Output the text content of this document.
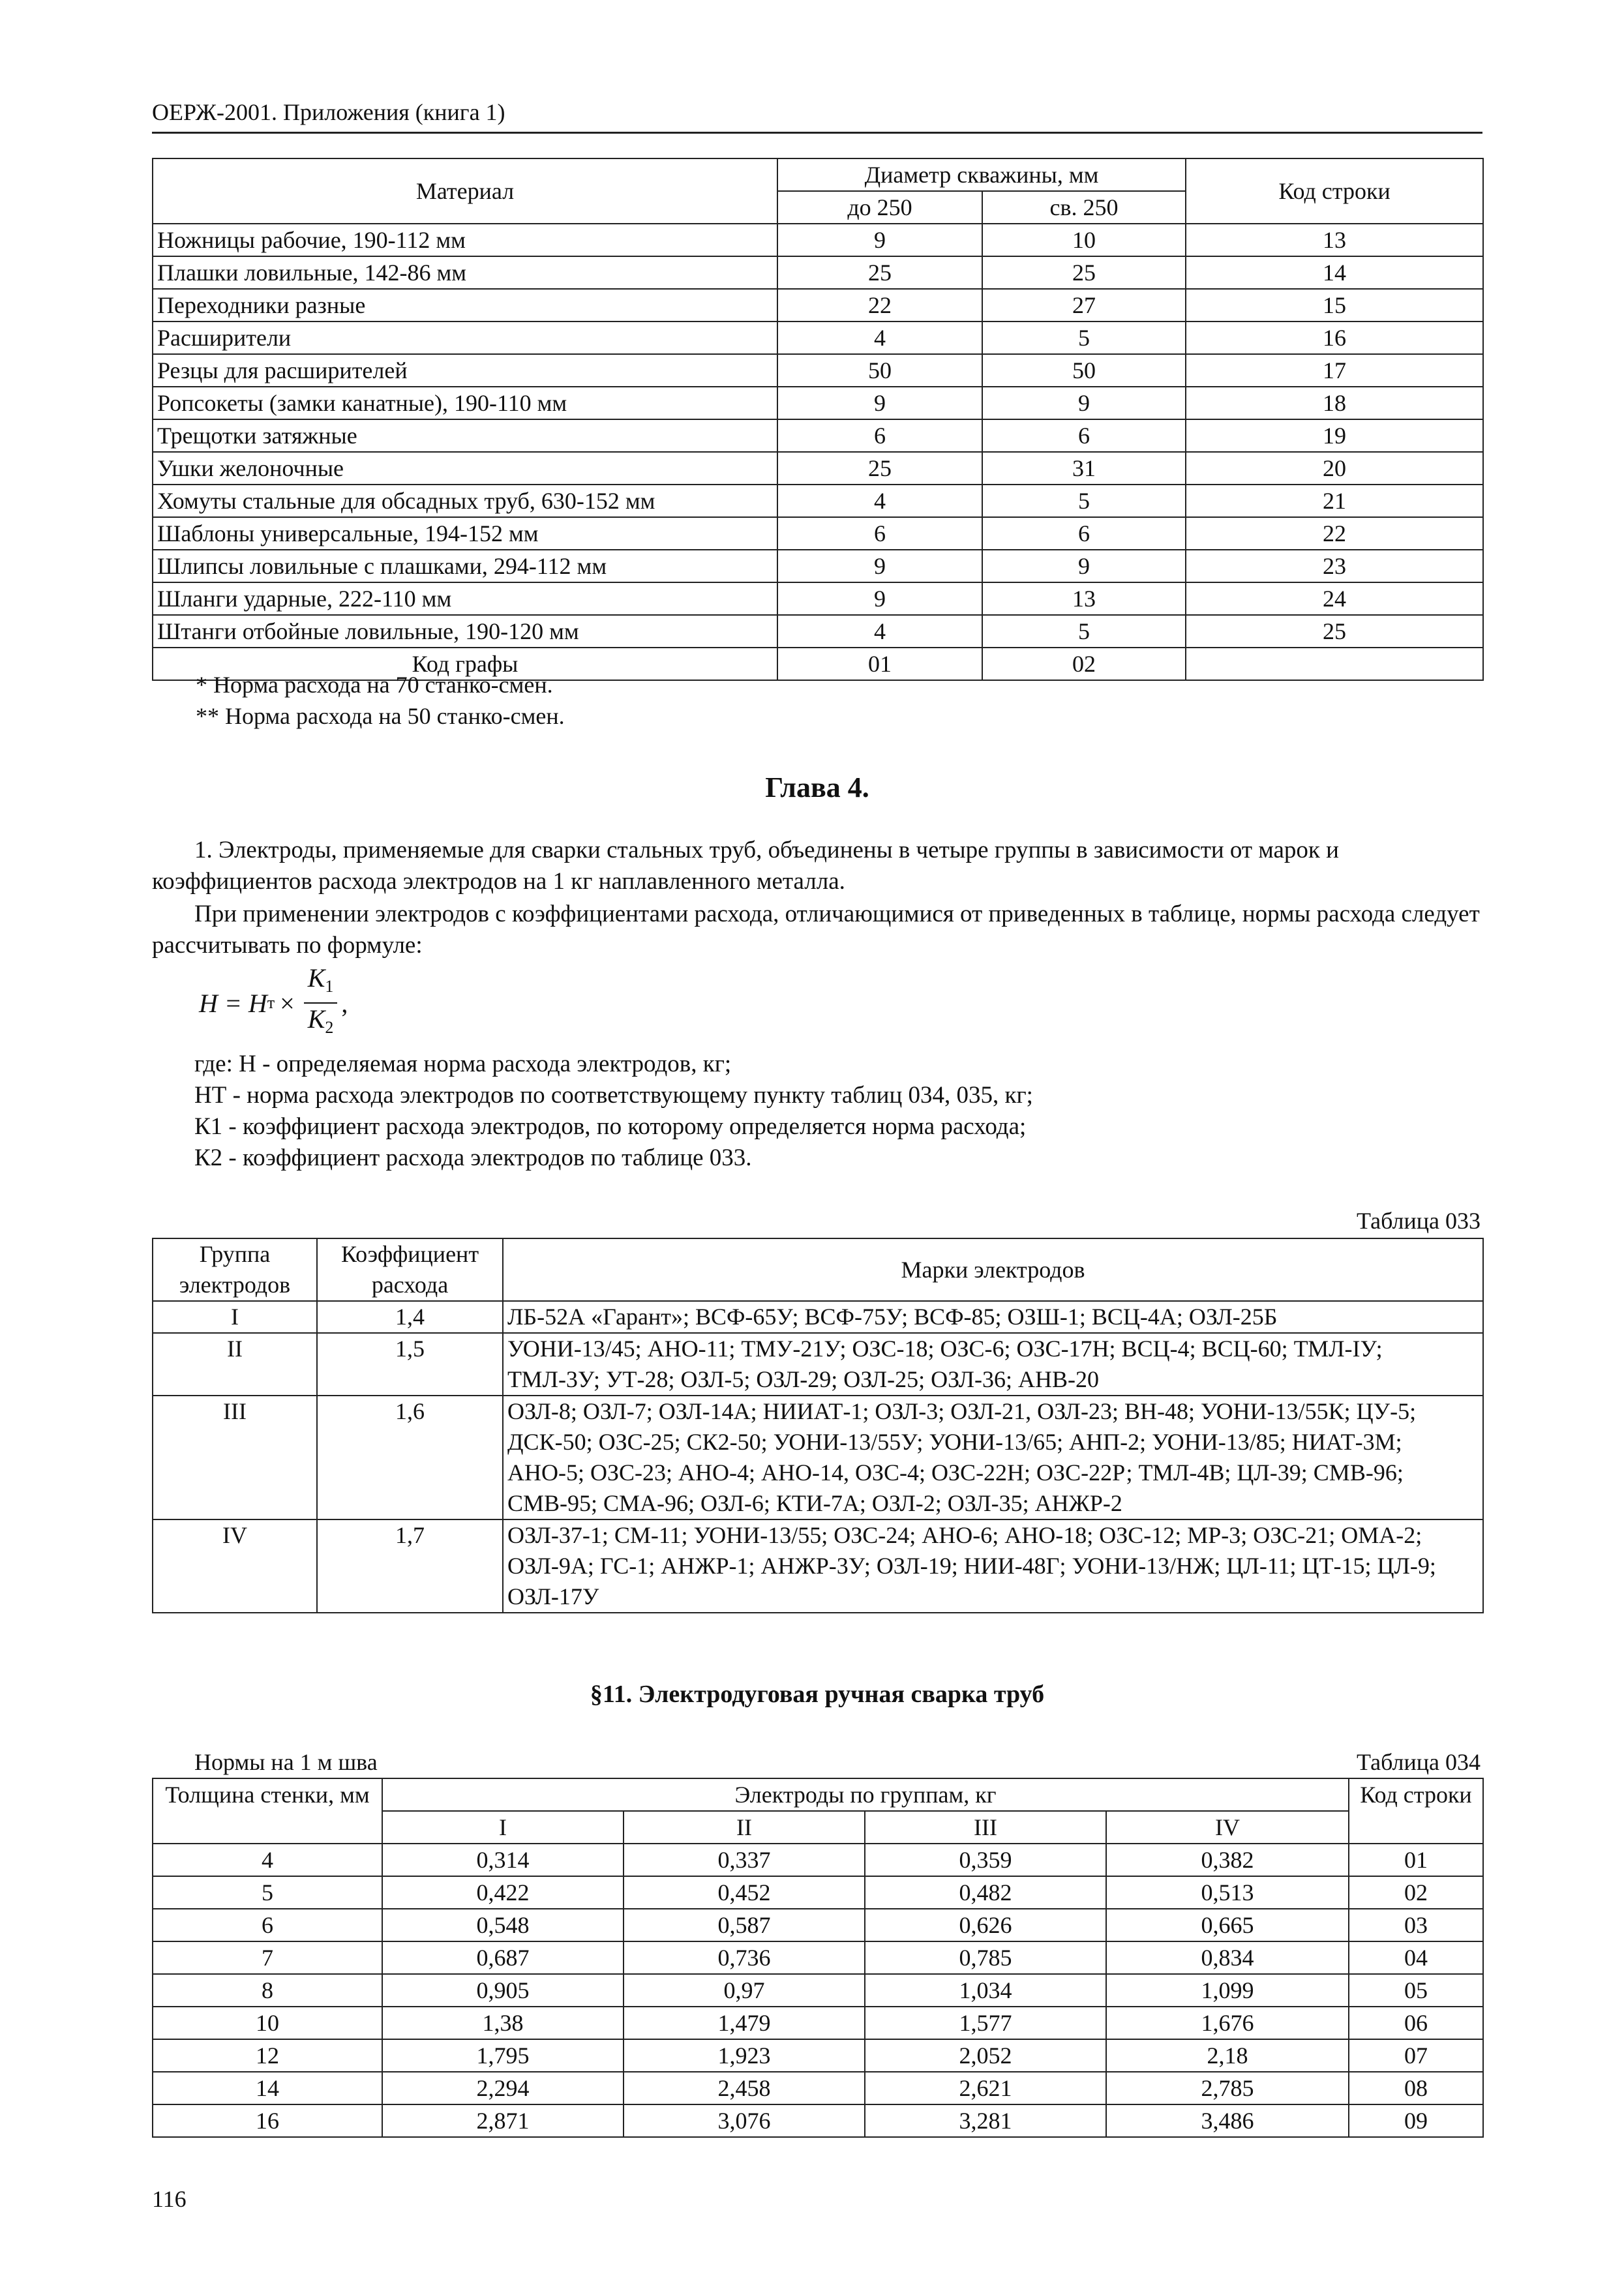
ОЕРЖ-2001. Приложения (книга 1)
Материал	Диаметр скважины, мм		Код строки
	до 250	св. 250	
Ножницы рабочие, 190-112 мм	9	10	13
Плашки ловильные, 142-86 мм	25	25	14
Переходники разные	22	27	15
Расширители	4	5	16
Резцы для расширителей	50	50	17
Ропсокеты (замки канатные), 190-110 мм	9	9	18
Трещотки затяжные	6	6	19
Ушки желоночные	25	31	20
Хомуты стальные для обсадных труб, 630-152 мм	4	5	21
Шаблоны универсальные, 194-152 мм	6	6	22
Шлипсы ловильные с плашками, 294-112 мм	9	9	23
Шланги ударные, 222-110 мм	9	13	24
Штанги отбойные ловильные, 190-120 мм	4	5	25
Код графы	01	02	
* Норма расхода на 70 станко-смен.
** Норма расхода на 50 станко-смен.
Глава 4.
1. Электроды, применяемые для сварки стальных труб, объединены в четыре группы в зависимости от марок и коэффициентов расхода электродов на 1 кг наплавленного металла.
При применении электродов с коэффициентами расхода, отличающимися от приведенных в таблице, нормы расхода следует рассчитывать по формуле:
H = H $т \times \frac{K_1}{K_2}$ ,
где: Н - определяемая норма расхода электродов, кг;
НТ - норма расхода электродов по соответствующему пункту таблиц 034, 035, кг;
К1 - коэффициент расхода электродов, по которому определяется норма расхода;
К2 - коэффициент расхода электродов по таблице 033.
Таблица 033
Группа электродов	Коэффициент расхода	Марки электродов
I	1,4	ЛБ-52А «Гарант»; ВСФ-65У; ВСФ-75У; ВСФ-85; ОЗШ-1; ВСЦ-4А; ОЗЛ-25Б
II	1,5	УОНИ-13/45; АНО-11; ТМУ-21У; ОЗС-18; ОЗС-6; ОЗС-17Н; ВСЦ-4; ВСЦ-60; ТМЛ-IУ; ТМЛ-3У; УТ-28; ОЗЛ-5; ОЗЛ-29; ОЗЛ-25; ОЗЛ-36; АНВ-20
III	1,6	ОЗЛ-8; ОЗЛ-7; ОЗЛ-14А; НИИАТ-1; ОЗЛ-3; ОЗЛ-21, ОЗЛ-23; ВН-48; УОНИ-13/55К; ЦУ-5; ДСК-50; ОЗС-25; СК2-50; УОНИ-13/55У; УОНИ-13/65; АНП-2; УОНИ-13/85; НИАТ-3М; АНО-5; ОЗС-23; АНО-4; АНО-14, ОЗС-4; ОЗС-22Н; ОЗС-22Р; ТМЛ-4В; ЦЛ-39; СМВ-96; СМВ-95; СМА-96; ОЗЛ-6; КТИ-7А; ОЗЛ-2; ОЗЛ-35; АНЖР-2
IV	1,7	ОЗЛ-37-1; СМ-11; УОНИ-13/55; ОЗС-24; АНО-6; АНО-18; ОЗС-12; МР-3; ОЗС-21; ОМА-2; ОЗЛ-9А; ГС-1; АНЖР-1; АНЖР-3У; ОЗЛ-19; НИИ-48Г; УОНИ-13/НЖ; ЦЛ-11; ЦТ-15; ЦЛ-9; ОЗЛ-17У
§11. Электродуговая ручная сварка труб
Нормы на 1 м шва	Таблица 034
Толщина стенки, мм	Электроды по группам, кг				Код строки
	I	II	III	IV	
4	0,314	0,337	0,359	0,382	01
5	0,422	0,452	0,482	0,513	02
6	0,548	0,587	0,626	0,665	03
7	0,687	0,736	0,785	0,834	04
8	0,905	0,97	1,034	1,099	05
10	1,38	1,479	1,577	1,676	06
12	1,795	1,923	2,052	2,18	07
14	2,294	2,458	2,621	2,785	08
16	2,871	3,076	3,281	3,486	09
116
